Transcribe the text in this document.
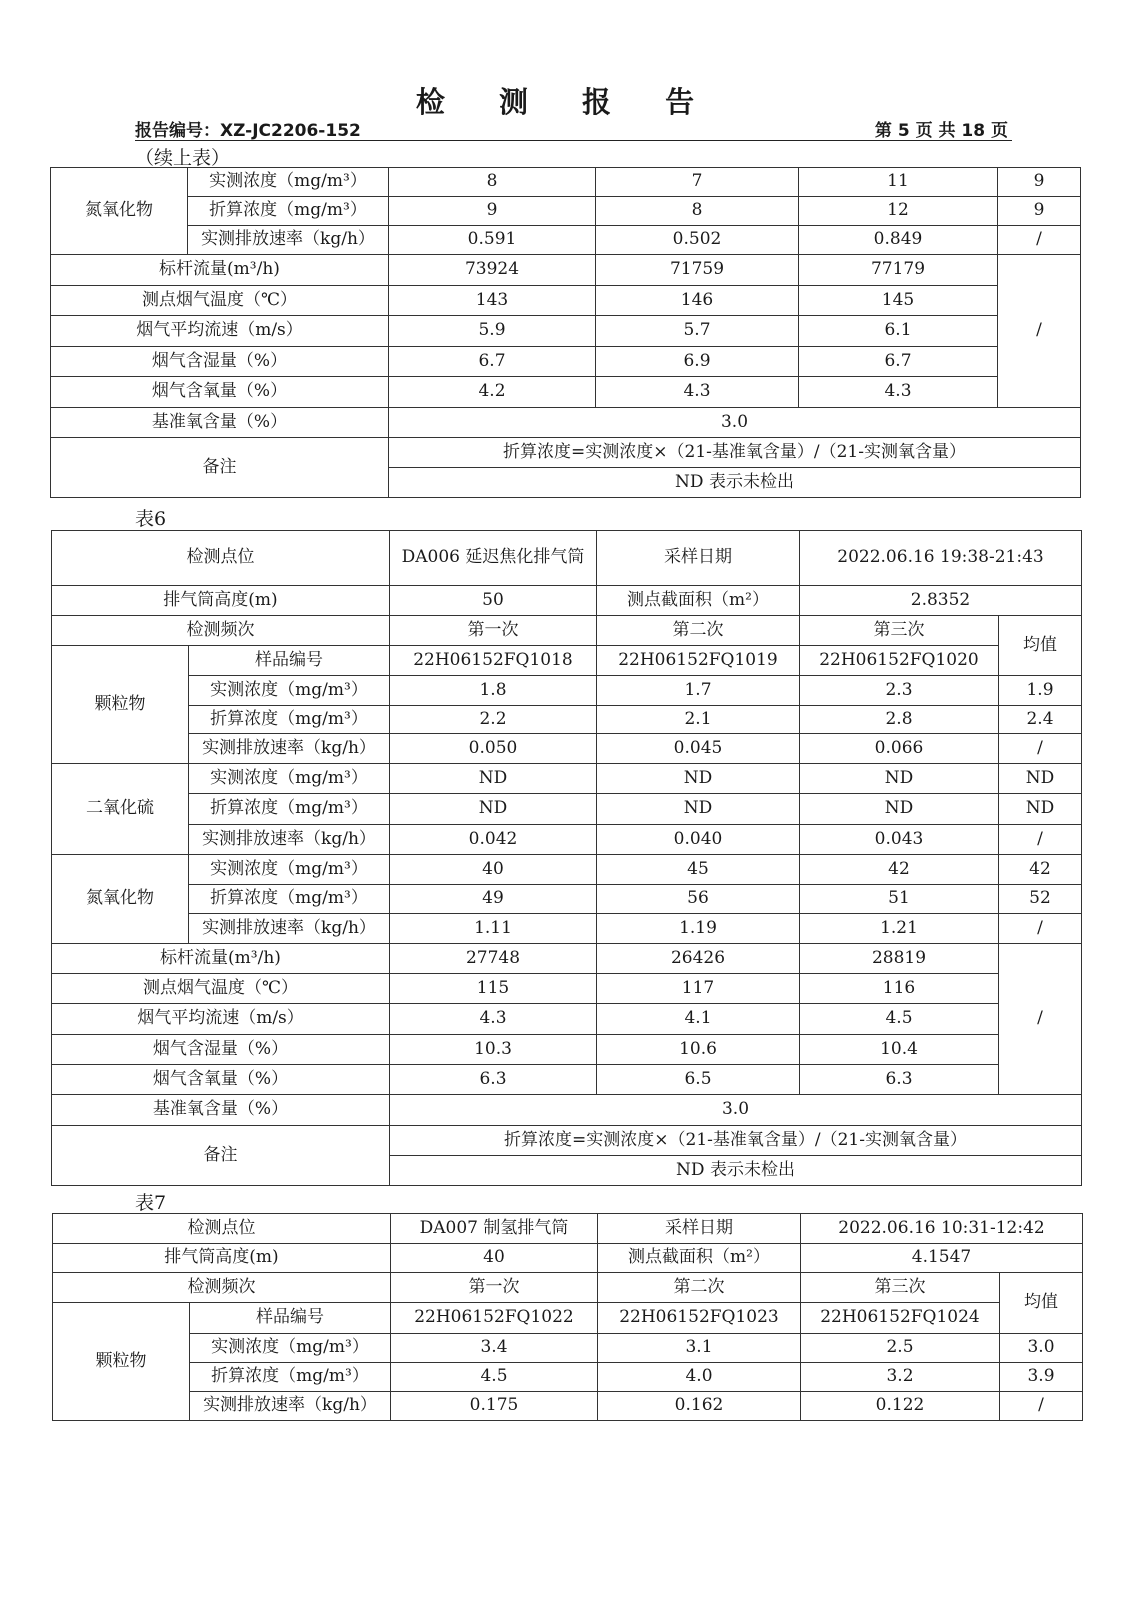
检 测 报 告
报告编号：XZ-JC2206-152	第 5 页 共 18 页
（续上表）
氮氧化物	实测浓度（mg/m³）	8	7	11	9
	折算浓度（mg/m³）	9	8	12	9
	实测排放速率（kg/h）	0.591	0.502	0.849	/
标杆流量(m³/h)		73924	71759	77179	/
测点烟气温度（℃）		143	146	145	
烟气平均流速（m/s）		5.9	5.7	6.1	
烟气含湿量（%）		6.7	6.9	6.7	
烟气含氧量（%）		4.2	4.3	4.3	
基准氧含量（%）		3.0			
备注		折算浓度=实测浓度×（21-基准氧含量）/（21-实测氧含量）			
		ND 表示未检出			
表6
检测点位		DA006 延迟焦化排气筒	采样日期	2022.06.16 19:38-21:43	
排气筒高度(m)		50	测点截面积（m²）	2.8352	
检测频次		第一次	第二次	第三次	均值
颗粒物	样品编号	22H06152FQ1018	22H06152FQ1019	22H06152FQ1020	
	实测浓度（mg/m³）	1.8	1.7	2.3	1.9
	折算浓度（mg/m³）	2.2	2.1	2.8	2.4
	实测排放速率（kg/h）	0.050	0.045	0.066	/
二氧化硫	实测浓度（mg/m³）	ND	ND	ND	ND
	折算浓度（mg/m³）	ND	ND	ND	ND
	实测排放速率（kg/h）	0.042	0.040	0.043	/
氮氧化物	实测浓度（mg/m³）	40	45	42	42
	折算浓度（mg/m³）	49	56	51	52
	实测排放速率（kg/h）	1.11	1.19	1.21	/
标杆流量(m³/h)		27748	26426	28819	/
测点烟气温度（℃）		115	117	116	
烟气平均流速（m/s）		4.3	4.1	4.5	
烟气含湿量（%）		10.3	10.6	10.4	
烟气含氧量（%）		6.3	6.5	6.3	
基准氧含量（%）		3.0			
备注		折算浓度=实测浓度×（21-基准氧含量）/（21-实测氧含量）			
		ND 表示未检出			
表7
检测点位		DA007 制氢排气筒	采样日期	2022.06.16 10:31-12:42	
排气筒高度(m)		40	测点截面积（m²）	4.1547	
检测频次		第一次	第二次	第三次	均值
颗粒物	样品编号	22H06152FQ1022	22H06152FQ1023	22H06152FQ1024	
	实测浓度（mg/m³）	3.4	3.1	2.5	3.0
	折算浓度（mg/m³）	4.5	4.0	3.2	3.9
	实测排放速率（kg/h）	0.175	0.162	0.122	/
